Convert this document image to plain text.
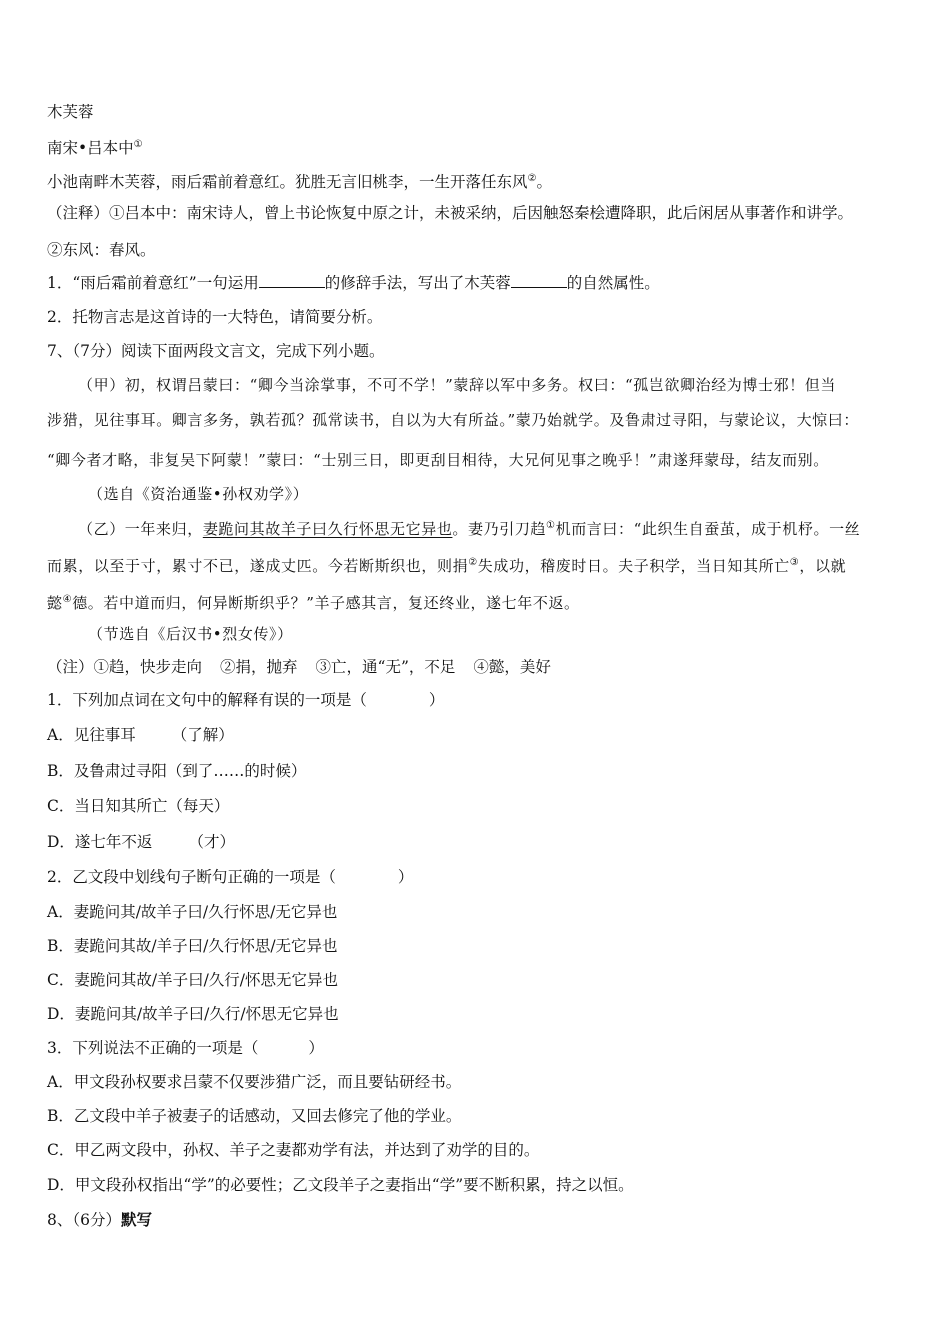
木芙蓉
南宋•吕本中①
小池南畔木芙蓉，雨后霜前着意红。犹胜无言旧桃李，一生开落任东风②。
（注释）①吕本中：南宋诗人，曾上书论恢复中原之计，未被采纳，后因触怒秦桧遭降职，此后闲居从事著作和讲学。
②东风：春风。
1．“雨后霜前着意红”一句运用	的修辞手法，写出了木芙蓉	的自然属性。
2．托物言志是这首诗的一大特色，请简要分析。
7、（7分）阅读下面两段文言文，完成下列小题。
（甲）初，权谓吕蒙曰：“卿今当涂掌事，不可不学！”蒙辞以军中多务。权曰：“孤岂欲卿治经为博士邪！但当
涉猎，见往事耳。卿言多务，孰若孤？孤常读书，自以为大有所益。”蒙乃始就学。及鲁肃过寻阳，与蒙论议，大惊曰：
“卿今者才略，非复吴下阿蒙！”蒙曰：“士别三日，即更刮目相待，大兄何见事之晚乎！”肃遂拜蒙母，结友而别。
（选自《资治通鉴•孙权劝学》）
（乙）一年来归，妻跪问其故羊子曰久行怀思无它异也。妻乃引刀趋①机而言曰：“此织生自蚕茧，成于机杼。一丝
而累，以至于寸，累寸不已，遂成丈匹。今若断斯织也，则捐②失成功，稽废时日。夫子积学，当日知其所亡③，以就
懿④德。若中道而归，何异断斯织乎？”羊子感其言，复还终业，遂七年不返。
（节选自《后汉书•烈女传》）
（注）①趋，快步走向 ②捐，抛弃 ③亡，通“无”，不足 ④懿，美好
1．下列加点词在文句中的解释有误的一项是（	）
A．见往事耳 （了解）
B．及鲁肃过寻阳（到了……的时候）
C．当日知其所亡（每天）
D．遂七年不返 （才）
2．乙文段中划线句子断句正确的一项是（	）
A．妻跪问其/故羊子曰/久行怀思/无它异也
B．妻跪问其故/羊子曰/久行怀思/无它异也
C．妻跪问其故/羊子曰/久行/怀思无它异也
D．妻跪问其/故羊子曰/久行/怀思无它异也
3．下列说法不正确的一项是（	）
A．甲文段孙权要求吕蒙不仅要涉猎广泛，而且要钻研经书。
B．乙文段中羊子被妻子的话感动，又回去修完了他的学业。
C．甲乙两文段中，孙权、羊子之妻都劝学有法，并达到了劝学的目的。
D．甲文段孙权指出“学”的必要性；乙文段羊子之妻指出“学”要不断积累，持之以恒。
8、（6分）默写
